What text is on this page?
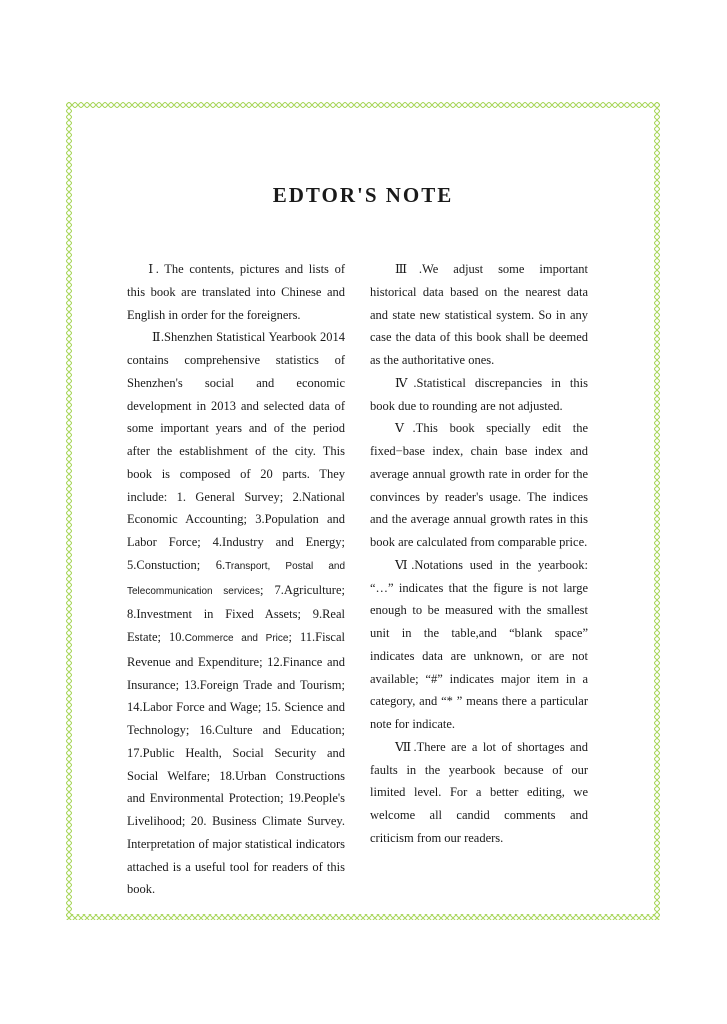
EDTOR'S NOTE

Ⅰ. The contents, pictures and lists of this book are translated into Chinese and English in order for the foreigners.

Ⅱ.Shenzhen Statistical Yearbook 2014 contains comprehensive statistics of Shenzhen's social and economic development in 2013 and selected data of some important years and of the period after the establishment of the city. This book is composed of 20 parts. They include: 1. General Survey; 2.National Economic Accounting; 3.Population and Labor Force; 4.Industry and Energy; 5.Constuction; 6.Transport, Postal and Telecommunication services; 7.Agriculture; 8.Investment in Fixed Assets; 9.Real Estate; 10.Commerce and Price; 11.Fiscal Revenue and Expenditure; 12.Finance and Insurance; 13.Foreign Trade and Tourism; 14.Labor Force and Wage; 15. Science and Technology; 16.Culture and Education; 17.Public Health, Social Security and Social Welfare; 18.Urban Constructions and Environmental Protection; 19.People's Livelihood; 20. Business Climate Survey. Interpretation of major statistical indicators attached is a useful tool for readers of this book.

Ⅲ.We adjust some important historical data based on the nearest data and state new statistical system. So in any case the data of this book shall be deemed as the authoritative ones.

Ⅳ.Statistical discrepancies in this book due to rounding are not adjusted.

Ⅴ.This book specially edit the fixed−base index, chain base index and average annual growth rate in order for the convinces by reader's usage. The indices and the average annual growth rates in this book are calculated from comparable price.

Ⅵ.Notations used in the yearbook: “…” indicates that the figure is not large enough to be measured with the smallest unit in the table,and “blank space” indicates data are unknown, or are not available; “#” indicates major item in a category, and “* ” means there a particular note for indicate.

Ⅶ.There are a lot of shortages and faults in the yearbook because of our limited level. For a better editing, we welcome all candid comments and criticism from our readers.
